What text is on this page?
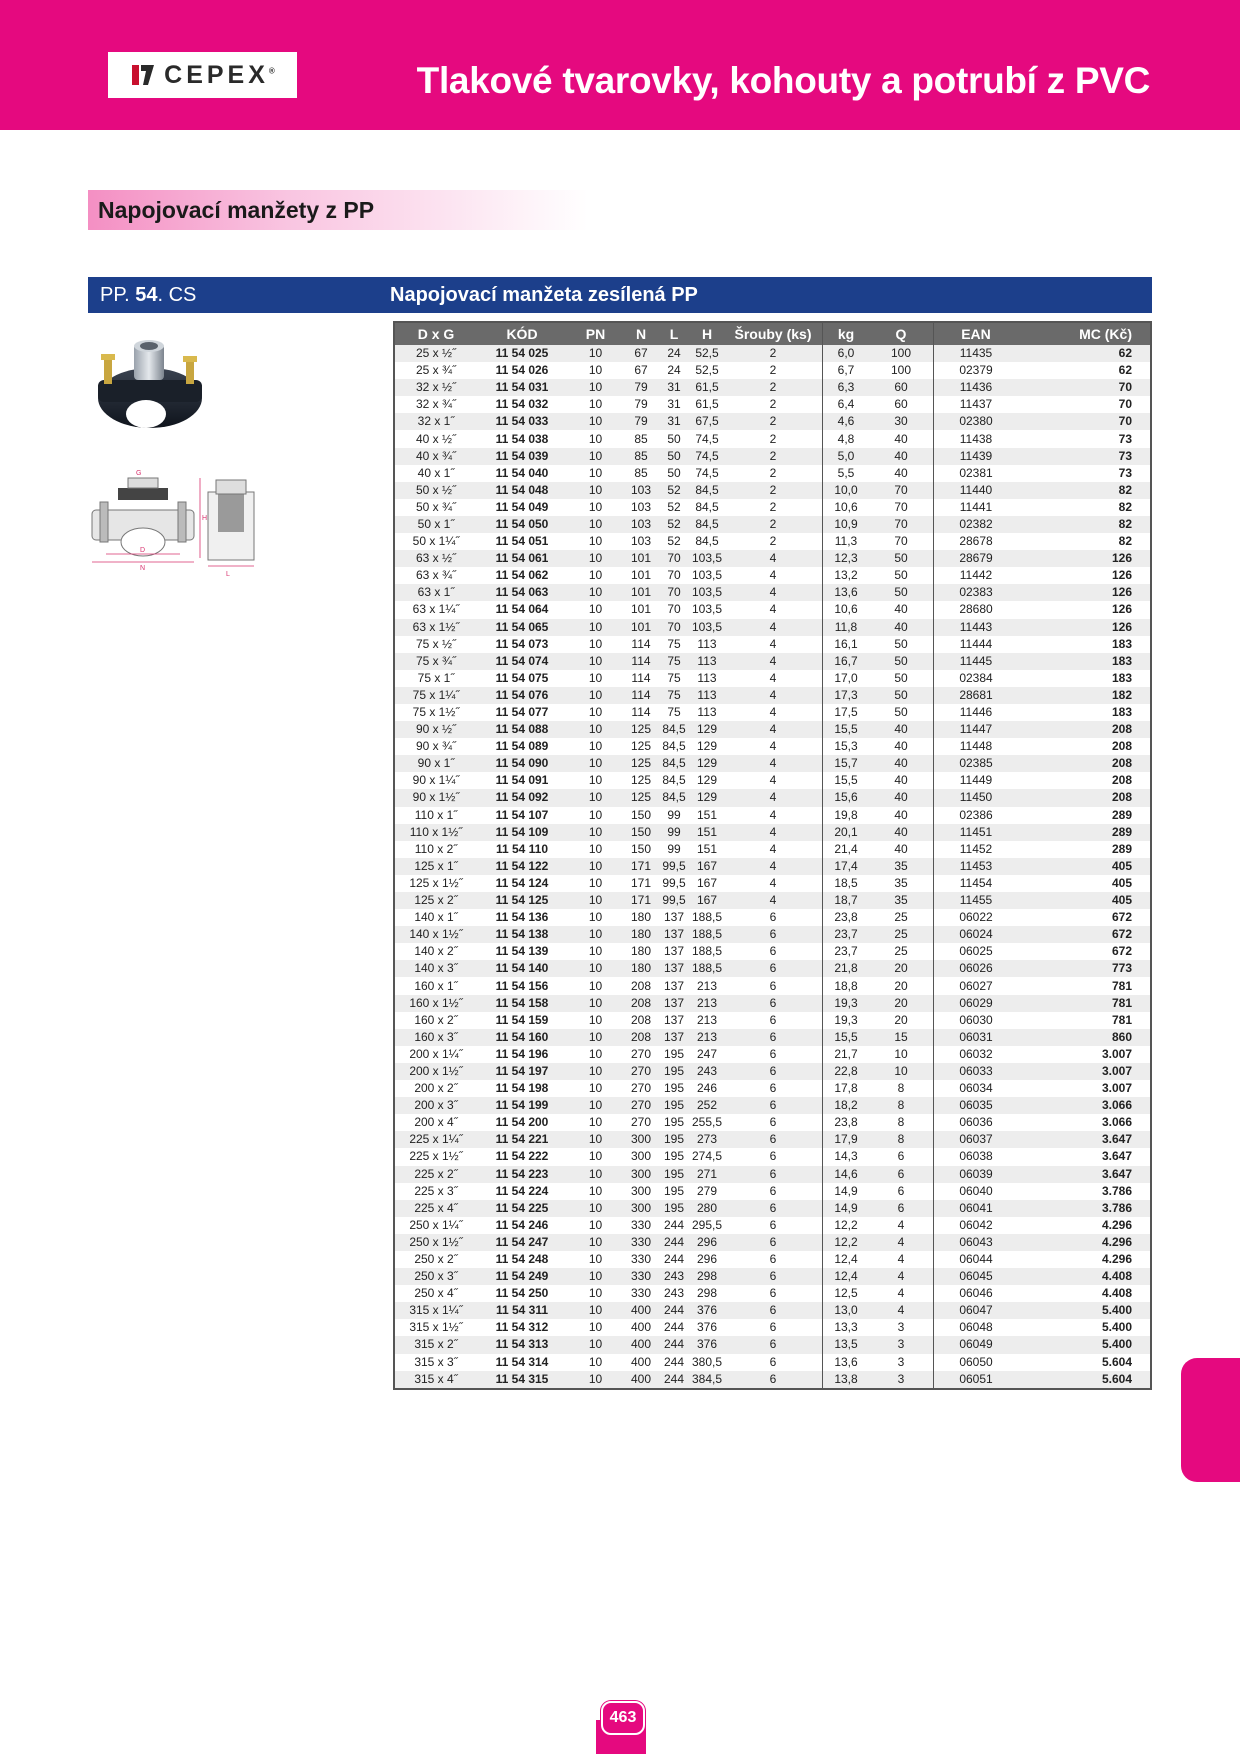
CEPEX®	Tlakové tvarovky, kohouty a potrubí z PVC
Napojovací manžety z PP
PP. 54. CS	Napojovací manžeta zesílená PP
G
H
D
N
L
D x G	KÓD	PN	N	L	H	Šrouby (ks)	kg	Q	EAN	MC (Kč)
25 x ½˝	11 54 025	10	67	24	52,5	2	6,0	100	11435	62
25 x ¾˝	11 54 026	10	67	24	52,5	2	6,7	100	02379	62
32 x ½˝	11 54 031	10	79	31	61,5	2	6,3	60	11436	70
32 x ¾˝	11 54 032	10	79	31	61,5	2	6,4	60	11437	70
32 x 1˝	11 54 033	10	79	31	67,5	2	4,6	30	02380	70
40 x ½˝	11 54 038	10	85	50	74,5	2	4,8	40	11438	73
40 x ¾˝	11 54 039	10	85	50	74,5	2	5,0	40	11439	73
40 x 1˝	11 54 040	10	85	50	74,5	2	5,5	40	02381	73
50 x ½˝	11 54 048	10	103	52	84,5	2	10,0	70	11440	82
50 x ¾˝	11 54 049	10	103	52	84,5	2	10,6	70	11441	82
50 x 1˝	11 54 050	10	103	52	84,5	2	10,9	70	02382	82
50 x 1¼˝	11 54 051	10	103	52	84,5	2	11,3	70	28678	82
63 x ½˝	11 54 061	10	101	70	103,5	4	12,3	50	28679	126
63 x ¾˝	11 54 062	10	101	70	103,5	4	13,2	50	11442	126
63 x 1˝	11 54 063	10	101	70	103,5	4	13,6	50	02383	126
63 x 1¼˝	11 54 064	10	101	70	103,5	4	10,6	40	28680	126
63 x 1½˝	11 54 065	10	101	70	103,5	4	11,8	40	11443	126
75 x ½˝	11 54 073	10	114	75	113	4	16,1	50	11444	183
75 x ¾˝	11 54 074	10	114	75	113	4	16,7	50	11445	183
75 x 1˝	11 54 075	10	114	75	113	4	17,0	50	02384	183
75 x 1¼˝	11 54 076	10	114	75	113	4	17,3	50	28681	182
75 x 1½˝	11 54 077	10	114	75	113	4	17,5	50	11446	183
90 x ½˝	11 54 088	10	125	84,5	129	4	15,5	40	11447	208
90 x ¾˝	11 54 089	10	125	84,5	129	4	15,3	40	11448	208
90 x 1˝	11 54 090	10	125	84,5	129	4	15,7	40	02385	208
90 x 1¼˝	11 54 091	10	125	84,5	129	4	15,5	40	11449	208
90 x 1½˝	11 54 092	10	125	84,5	129	4	15,6	40	11450	208
110 x 1˝	11 54 107	10	150	99	151	4	19,8	40	02386	289
110 x 1½˝	11 54 109	10	150	99	151	4	20,1	40	11451	289
110 x 2˝	11 54 110	10	150	99	151	4	21,4	40	11452	289
125 x 1˝	11 54 122	10	171	99,5	167	4	17,4	35	11453	405
125 x 1½˝	11 54 124	10	171	99,5	167	4	18,5	35	11454	405
125 x 2˝	11 54 125	10	171	99,5	167	4	18,7	35	11455	405
140 x 1˝	11 54 136	10	180	137	188,5	6	23,8	25	06022	672
140 x 1½˝	11 54 138	10	180	137	188,5	6	23,7	25	06024	672
140 x 2˝	11 54 139	10	180	137	188,5	6	23,7	25	06025	672
140 x 3˝	11 54 140	10	180	137	188,5	6	21,8	20	06026	773
160 x 1˝	11 54 156	10	208	137	213	6	18,8	20	06027	781
160 x 1½˝	11 54 158	10	208	137	213	6	19,3	20	06029	781
160 x 2˝	11 54 159	10	208	137	213	6	19,3	20	06030	781
160 x 3˝	11 54 160	10	208	137	213	6	15,5	15	06031	860
200 x 1¼˝	11 54 196	10	270	195	247	6	21,7	10	06032	3.007
200 x 1½˝	11 54 197	10	270	195	243	6	22,8	10	06033	3.007
200 x 2˝	11 54 198	10	270	195	246	6	17,8	8	06034	3.007
200 x 3˝	11 54 199	10	270	195	252	6	18,2	8	06035	3.066
200 x 4˝	11 54 200	10	270	195	255,5	6	23,8	8	06036	3.066
225 x 1¼˝	11 54 221	10	300	195	273	6	17,9	8	06037	3.647
225 x 1½˝	11 54 222	10	300	195	274,5	6	14,3	6	06038	3.647
225 x 2˝	11 54 223	10	300	195	271	6	14,6	6	06039	3.647
225 x 3˝	11 54 224	10	300	195	279	6	14,9	6	06040	3.786
225 x 4˝	11 54 225	10	300	195	280	6	14,9	6	06041	3.786
250 x 1¼˝	11 54 246	10	330	244	295,5	6	12,2	4	06042	4.296
250 x 1½˝	11 54 247	10	330	244	296	6	12,2	4	06043	4.296
250 x 2˝	11 54 248	10	330	244	296	6	12,4	4	06044	4.296
250 x 3˝	11 54 249	10	330	243	298	6	12,4	4	06045	4.408
250 x 4˝	11 54 250	10	330	243	298	6	12,5	4	06046	4.408
315 x 1¼˝	11 54 311	10	400	244	376	6	13,0	4	06047	5.400
315 x 1½˝	11 54 312	10	400	244	376	6	13,3	3	06048	5.400
315 x 2˝	11 54 313	10	400	244	376	6	13,5	3	06049	5.400
315 x 3˝	11 54 314	10	400	244	380,5	6	13,6	3	06050	5.604
315 x 4˝	11 54 315	10	400	244	384,5	6	13,8	3	06051	5.604
463
